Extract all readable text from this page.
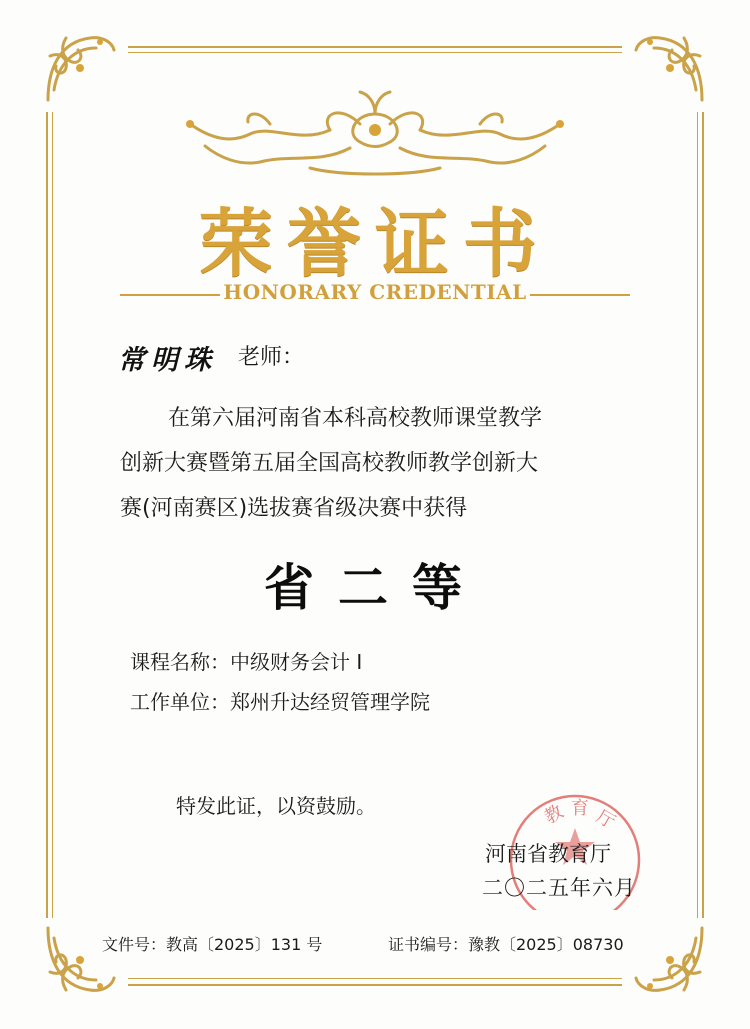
荣誉证书
HONORARY CREDENTIAL
常明珠 老师：
在第六届河南省本科高校教师课堂教学
创新大赛暨第五届全国高校教师教学创新大
赛(河南赛区)选拔赛省级决赛中获得
省二等
课程名称：中级财务会计 I
工作单位：郑州升达经贸管理学院
特发此证，以资鼓励。	教 育 厅
河南省教育厅
二〇二五年六月
文件号：教高〔2025〕131 号	证书编号：豫教〔2025〕08730
